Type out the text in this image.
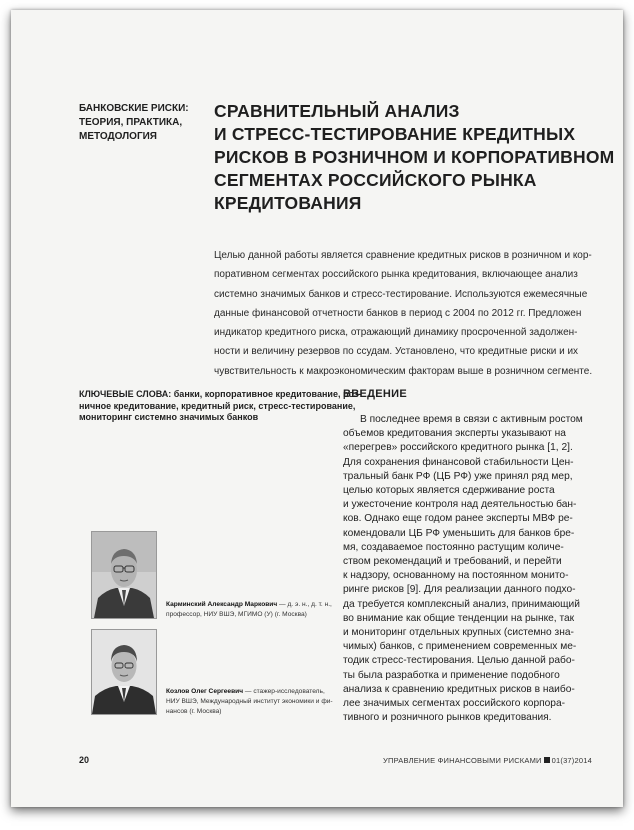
БАНКОВСКИЕ РИСКИ:
ТЕОРИЯ, ПРАКТИКА,
МЕТОДОЛОГИЯ
СРАВНИТЕЛЬНЫЙ АНАЛИЗ
И СТРЕСС-ТЕСТИРОВАНИЕ КРЕДИТНЫХ
РИСКОВ В РОЗНИЧНОМ И КОРПОРАТИВНОМ
СЕГМЕНТАХ РОССИЙСКОГО РЫНКА
КРЕДИТОВАНИЯ
Целью данной работы является сравнение кредитных рисков в розничном и кор-
поративном сегментах российского рынка кредитования, включающее анализ
системно значимых банков и стресс-тестирование. Используются ежемесячные
данные финансовой отчетности банков в период с 2004 по 2012 гг. Предложен
индикатор кредитного риска, отражающий динамику просроченной задолжен-
ности и величину резервов по ссудам. Установлено, что кредитные риски и их
чувствительность к макроэкономическим факторам выше в розничном сегменте.
КЛЮЧЕВЫЕ СЛОВА: банки, корпоративное кредитование, роз-
ничное кредитование, кредитный риск, стресс-тестирование,
мониторинг системно значимых банков
ВВЕДЕНИЕ
В последнее время в связи с активным ростом
объемов кредитования эксперты указывают на
«перегрев» российского кредитного рынка [1, 2].
Для сохранения финансовой стабильности Цен-
тральный банк РФ (ЦБ РФ) уже принял ряд мер,
целью которых является сдерживание роста
и ужесточение контроля над деятельностью бан-
ков. Однако еще годом ранее эксперты МВФ ре-
комендовали ЦБ РФ уменьшить для банков бре-
мя, создаваемое постоянно растущим количе-
ством рекомендаций и требований, и перейти
к надзору, основанному на постоянном монито-
ринге рисков [9]. Для реализации данного подхо-
да требуется комплексный анализ, принимающий
во внимание как общие тенденции на рынке, так
и мониторинг отдельных крупных (системно зна-
чимых) банков, с применением современных ме-
тодик стресс-тестирования. Целью данной рабо-
ты была разработка и применение подобного
анализа к сравнению кредитных рисков в наибо-
лее значимых сегментах российского корпора-
тивного и розничного рынков кредитования.
Карминский Александр Маркович — д. э. н., д. т. н.,
профессор, НИУ ВШЭ, МГИМО (У) (г. Москва)
Козлов Олег Сергеевич — стажер-исследователь,
НИУ ВШЭ, Международный институт экономики и фи-
нансов (г. Москва)
20	УПРАВЛЕНИЕ ФИНАНСОВЫМИ РИСКАМИ 01(37)2014
